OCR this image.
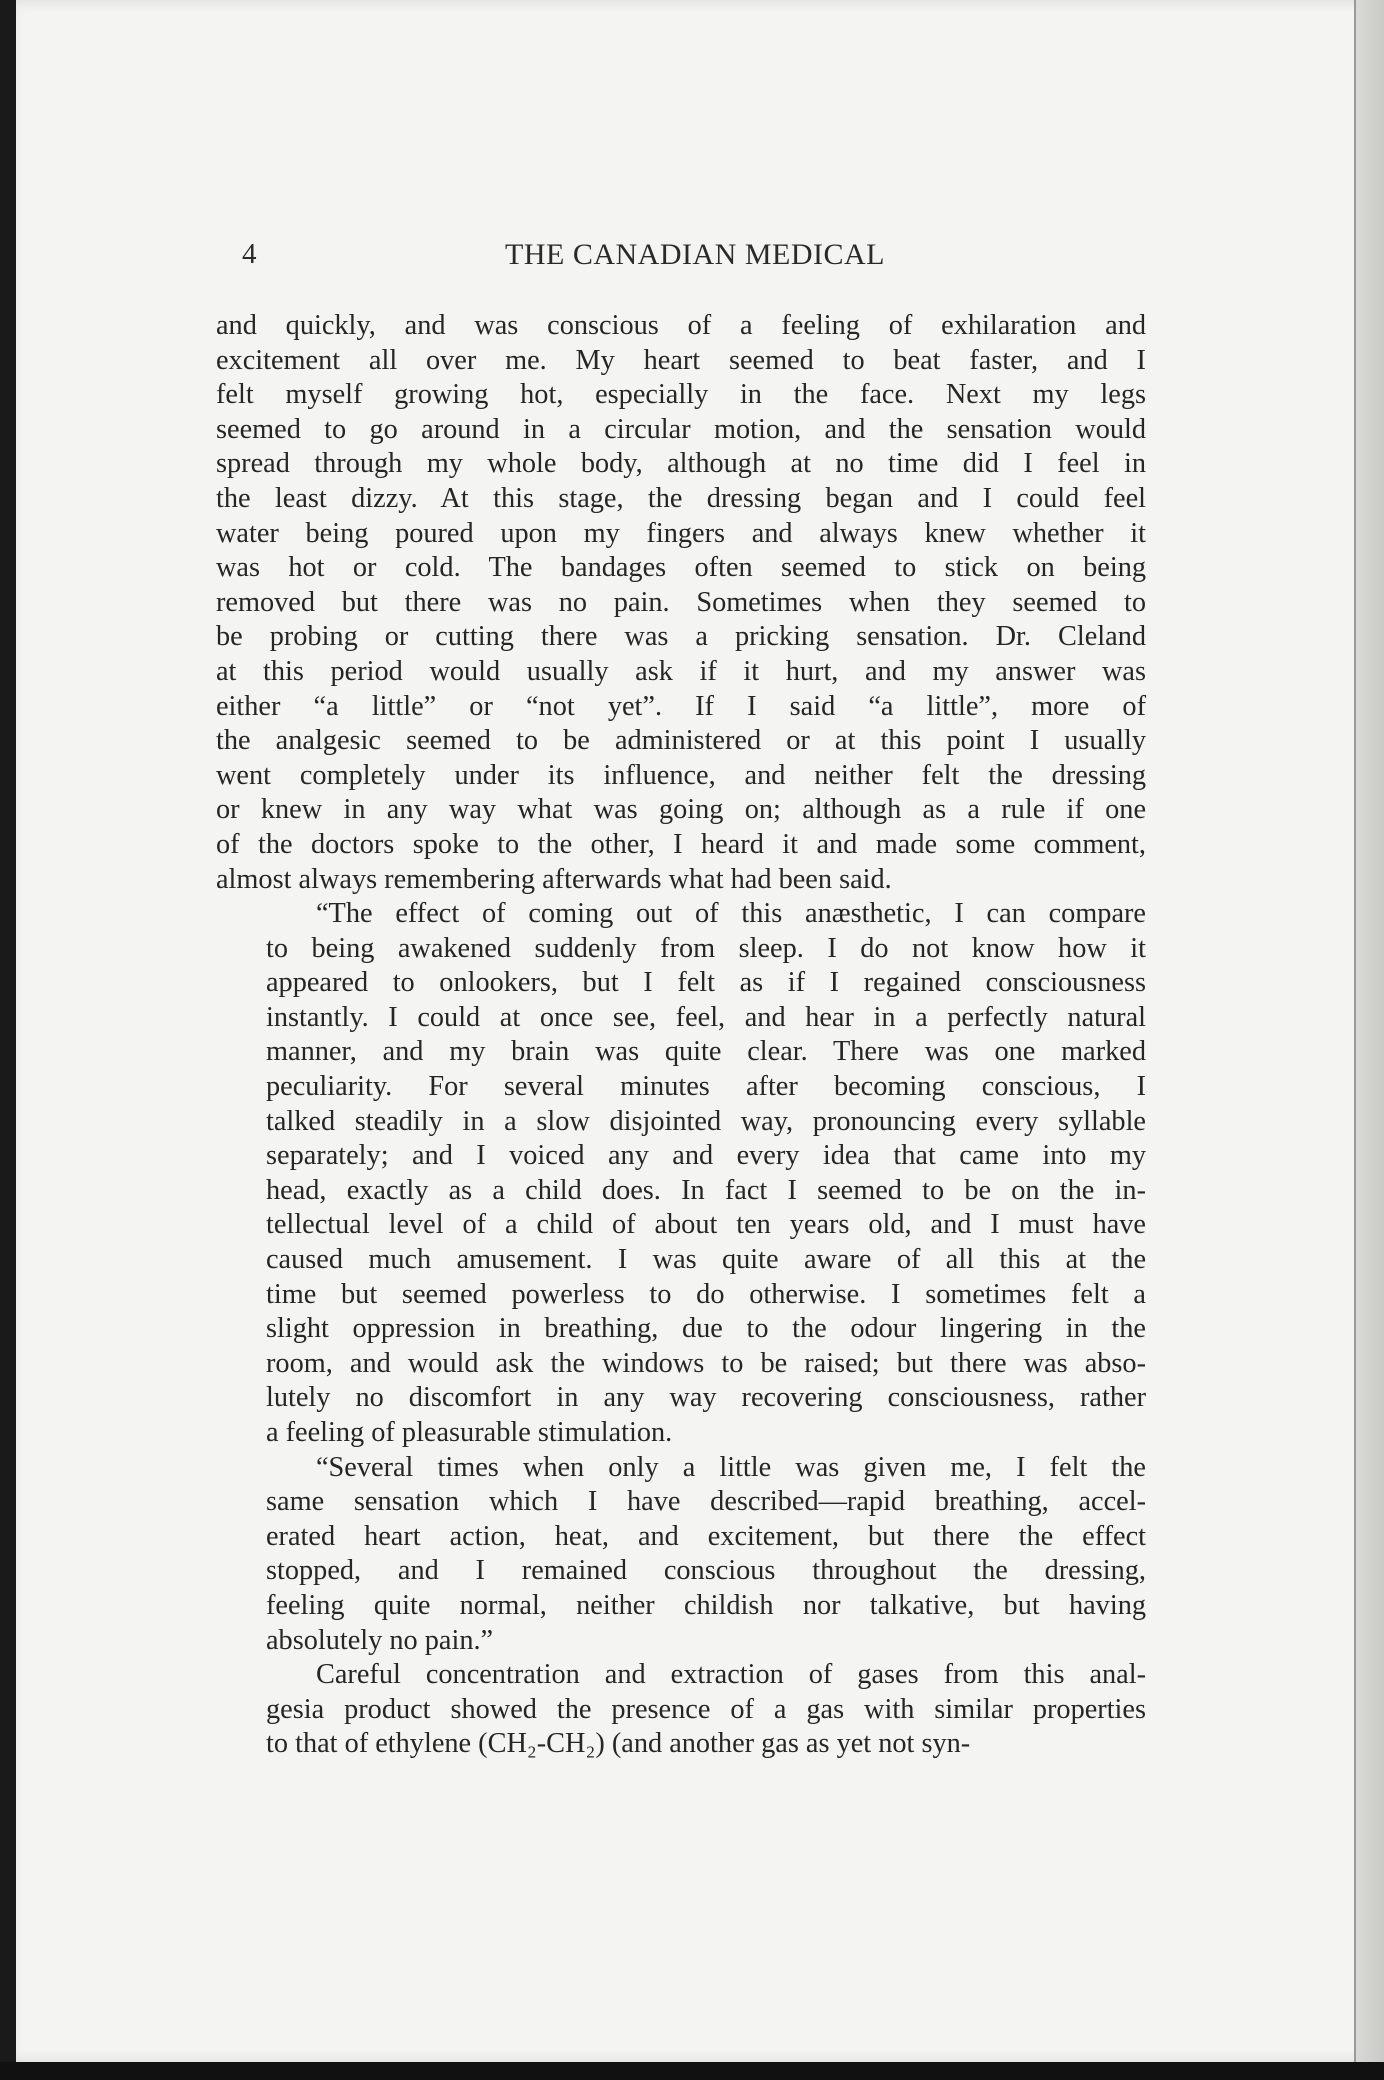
4	THE CANADIAN MEDICAL

and quickly, and was conscious of a feeling of exhilaration and
excitement all over me. My heart seemed to beat faster, and I
felt myself growing hot, especially in the face. Next my legs
seemed to go around in a circular motion, and the sensation would
spread through my whole body, although at no time did I feel in
the least dizzy. At this stage, the dressing began and I could feel
water being poured upon my fingers and always knew whether it
was hot or cold. The bandages often seemed to stick on being
removed but there was no pain. Sometimes when they seemed to
be probing or cutting there was a pricking sensation. Dr. Cleland
at this period would usually ask if it hurt, and my answer was
either “a little” or “not yet”. If I said “a little”, more of
the analgesic seemed to be administered or at this point I usually
went completely under its influence, and neither felt the dressing
or knew in any way what was going on; although as a rule if one
of the doctors spoke to the other, I heard it and made some comment,
almost always remembering afterwards what had been said.

“The effect of coming out of this anæsthetic, I can compare
to being awakened suddenly from sleep. I do not know how it
appeared to onlookers, but I felt as if I regained consciousness
instantly. I could at once see, feel, and hear in a perfectly natural
manner, and my brain was quite clear. There was one marked
peculiarity. For several minutes after becoming conscious, I
talked steadily in a slow disjointed way, pronouncing every syllable
separately; and I voiced any and every idea that came into my
head, exactly as a child does. In fact I seemed to be on the in-
tellectual level of a child of about ten years old, and I must have
caused much amusement. I was quite aware of all this at the
time but seemed powerless to do otherwise. I sometimes felt a
slight oppression in breathing, due to the odour lingering in the
room, and would ask the windows to be raised; but there was abso-
lutely no discomfort in any way recovering consciousness, rather
a feeling of pleasurable stimulation.

“Several times when only a little was given me, I felt the
same sensation which I have described—rapid breathing, accel-
erated heart action, heat, and excitement, but there the effect
stopped, and I remained conscious throughout the dressing,
feeling quite normal, neither childish nor talkative, but having
absolutely no pain.”

Careful concentration and extraction of gases from this anal-
gesia product showed the presence of a gas with similar properties
to that of ethylene (CH₂-CH₂) (and another gas as yet not syn-
